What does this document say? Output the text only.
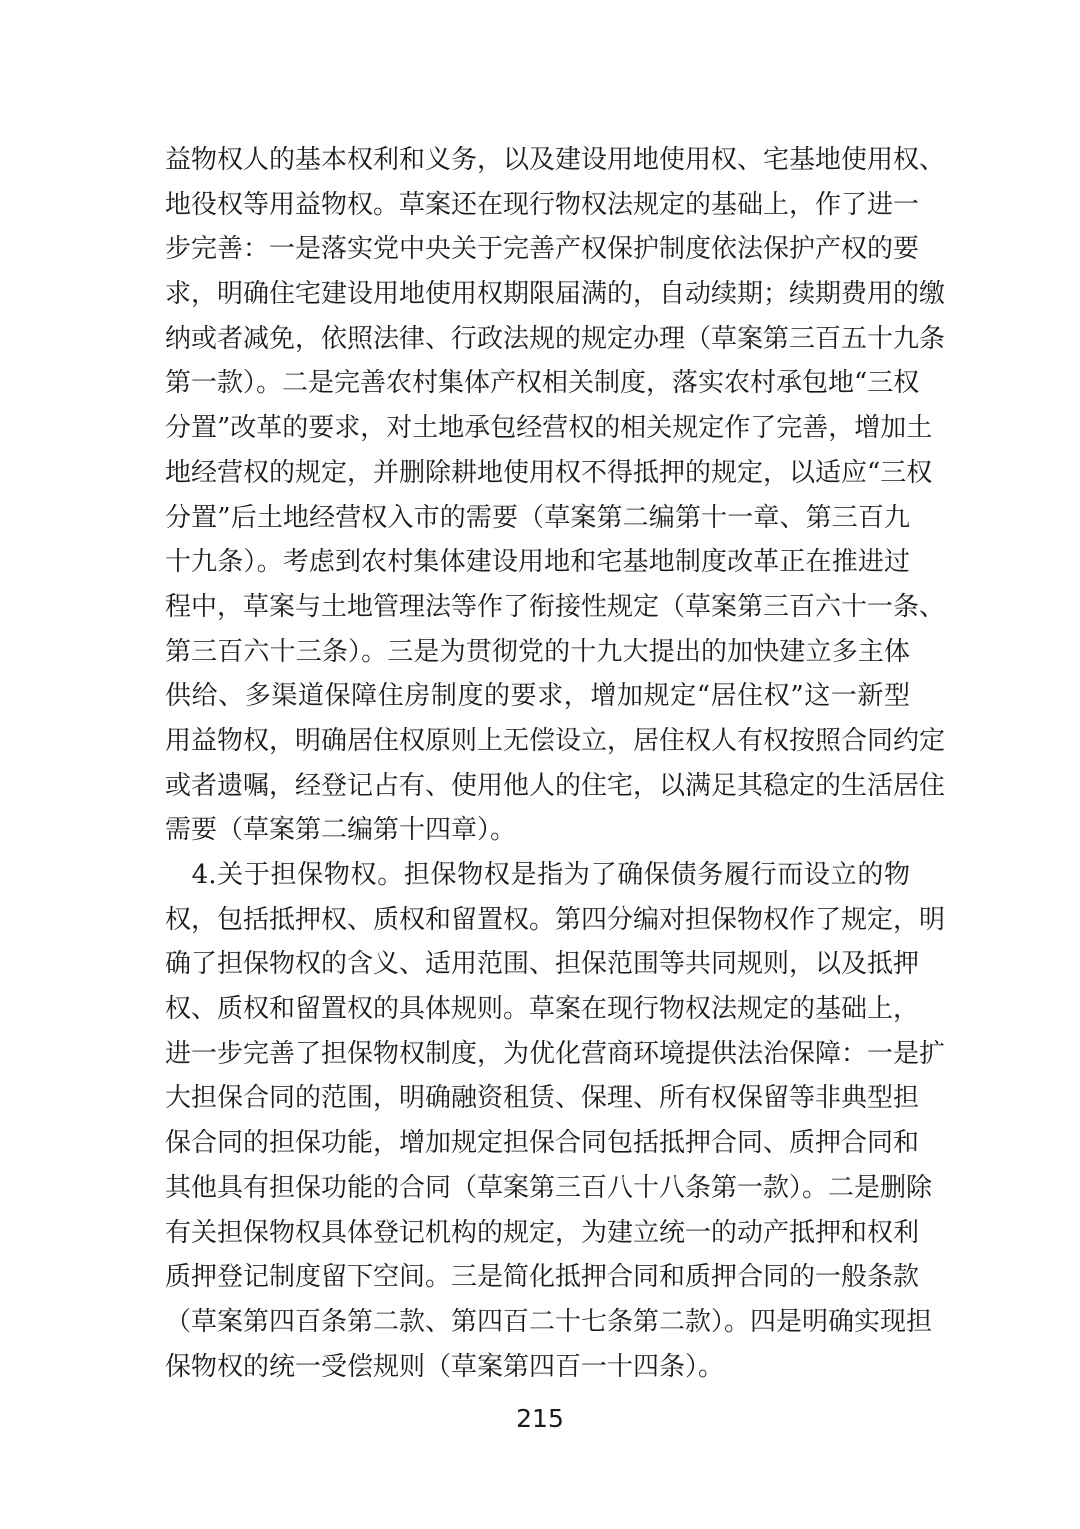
益物权人的基本权利和义务，以及建设用地使用权、宅基地使用权、
地役权等用益物权。草案还在现行物权法规定的基础上，作了进一
步完善：一是落实党中央关于完善产权保护制度依法保护产权的要
求，明确住宅建设用地使用权期限届满的，自动续期；续期费用的缴
纳或者减免，依照法律、行政法规的规定办理（草案第三百五十九条
第一款）。二是完善农村集体产权相关制度，落实农村承包地“三权
分置”改革的要求，对土地承包经营权的相关规定作了完善，增加土
地经营权的规定，并删除耕地使用权不得抵押的规定，以适应“三权
分置”后土地经营权入市的需要（草案第二编第十一章、第三百九
十九条）。考虑到农村集体建设用地和宅基地制度改革正在推进过
程中，草案与土地管理法等作了衔接性规定（草案第三百六十一条、
第三百六十三条）。三是为贯彻党的十九大提出的加快建立多主体
供给、多渠道保障住房制度的要求，增加规定“居住权”这一新型
用益物权，明确居住权原则上无偿设立，居住权人有权按照合同约定
或者遗嘱，经登记占有、使用他人的住宅，以满足其稳定的生活居住
需要（草案第二编第十四章）。
　4.关于担保物权。担保物权是指为了确保债务履行而设立的物
权，包括抵押权、质权和留置权。第四分编对担保物权作了规定，明
确了担保物权的含义、适用范围、担保范围等共同规则，以及抵押
权、质权和留置权的具体规则。草案在现行物权法规定的基础上，
进一步完善了担保物权制度，为优化营商环境提供法治保障：一是扩
大担保合同的范围，明确融资租赁、保理、所有权保留等非典型担
保合同的担保功能，增加规定担保合同包括抵押合同、质押合同和
其他具有担保功能的合同（草案第三百八十八条第一款）。二是删除
有关担保物权具体登记机构的规定，为建立统一的动产抵押和权利
质押登记制度留下空间。三是简化抵押合同和质押合同的一般条款
（草案第四百条第二款、第四百二十七条第二款）。四是明确实现担
保物权的统一受偿规则（草案第四百一十四条）。
215
